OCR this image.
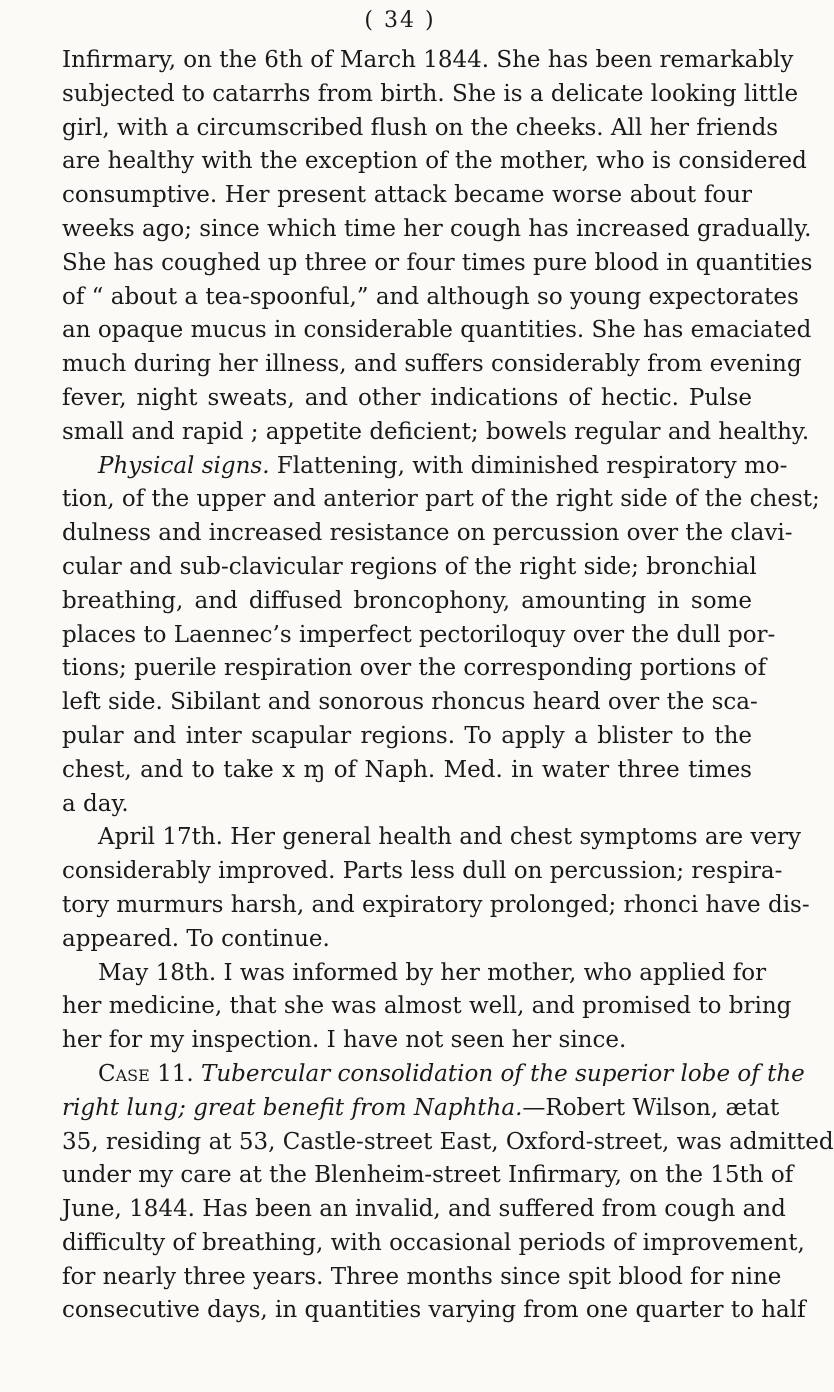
( 34 )
Infirmary, on the 6th of March 1844. She has been remarkably
subjected to catarrhs from birth. She is a delicate looking little
girl, with a circumscribed flush on the cheeks. All her friends
are healthy with the exception of the mother, who is considered
consumptive. Her present attack became worse about four
weeks ago; since which time her cough has increased gradually.
She has coughed up three or four times pure blood in quantities
of “ about a tea-spoonful,” and although so young expectorates
an opaque mucus in considerable quantities. She has emaciated
much during her illness, and suffers considerably from evening
fever, night sweats, and other indications of hectic. Pulse
small and rapid ; appetite deficient; bowels regular and healthy.
Physical signs. Flattening, with diminished respiratory mo-
tion, of the upper and anterior part of the right side of the chest;
dulness and increased resistance on percussion over the clavi-
cular and sub-clavicular regions of the right side; bronchial
breathing, and diffused broncophony, amounting in some
places to Laennec’s imperfect pectoriloquy over the dull por-
tions; puerile respiration over the corresponding portions of
left side. Sibilant and sonorous rhoncus heard over the sca-
pular and inter scapular regions. To apply a blister to the
chest, and to take x ɱ of Naph. Med. in water three times
a day.
April 17th. Her general health and chest symptoms are very
considerably improved. Parts less dull on percussion; respira-
tory murmurs harsh, and expiratory prolonged; rhonci have dis-
appeared. To continue.
May 18th. I was informed by her mother, who applied for
her medicine, that she was almost well, and promised to bring
her for my inspection. I have not seen her since.
Case 11. Tubercular consolidation of the superior lobe of the
right lung; great benefit from Naphtha.—Robert Wilson, ætat
35, residing at 53, Castle-street East, Oxford-street, was admitted
under my care at the Blenheim-street Infirmary, on the 15th of
June, 1844. Has been an invalid, and suffered from cough and
difficulty of breathing, with occasional periods of improvement,
for nearly three years. Three months since spit blood for nine
consecutive days, in quantities varying from one quarter to half
